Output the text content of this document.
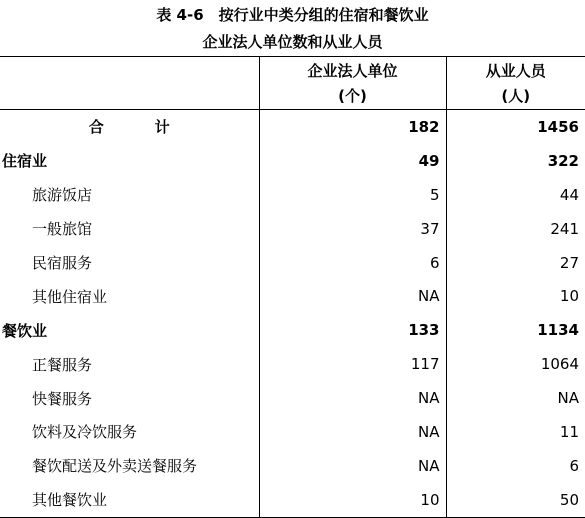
表 4-6　按行业中类分组的住宿和餐饮业
企业法人单位数和从业人员
	企业法人单位	从业人员
	(个)	(人)
合　计	182	1456
住宿业	49	322
旅游饭店	5	44
一般旅馆	37	241
民宿服务	6	27
其他住宿业	NA	10
餐饮业	133	1134
正餐服务	117	1064
快餐服务	NA	NA
饮料及冷饮服务	NA	11
餐饮配送及外卖送餐服务	NA	6
其他餐饮业	10	50
